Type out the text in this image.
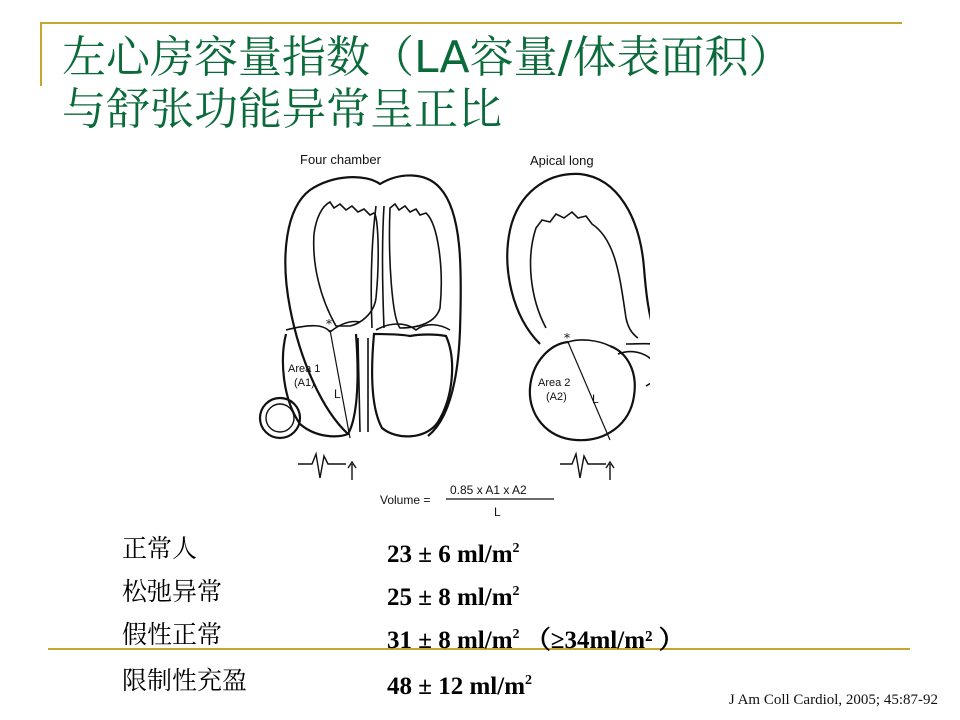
左心房容量指数（LA容量/体表面积）
与舒张功能异常呈正比
Four chamber	Apical long
*
Area 1
(A1)
L
*
Area 2
(A2) L
Volume =
0.85 x A1 x A2
L
正常人	23 ± 6 $ml/m^2$
松弛异常	25 ± 8 $ml/m^2$
假性正常	31 ± 8 $ml/m^2$ （≥34ml/m² ）
限制性充盈	48 ± 12 $ml/m^2$
J Am Coll Cardiol, 2005; 45:87-92
